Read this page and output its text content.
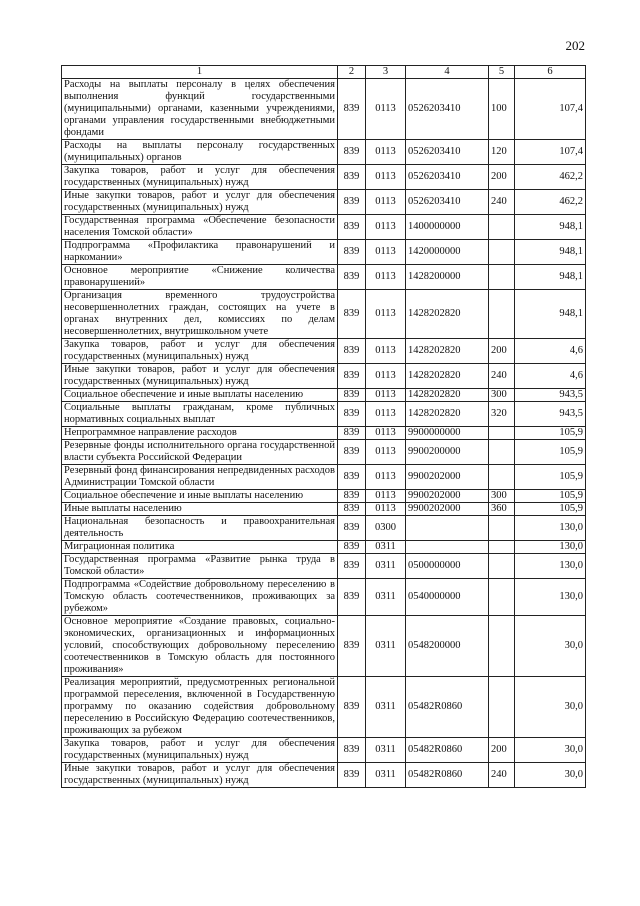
202
1	2	3	4	5	6
Расходы на выплаты персоналу в целях обеспечения выполнения функций государственными (муниципальными) органами, казенными учреждениями, органами управления государственными внебюджетными фондами	839	0113	0526203410	100	107,4
Расходы на выплаты персоналу государственных (муниципальных) органов	839	0113	0526203410	120	107,4
Закупка товаров, работ и услуг для обеспечения государственных (муниципальных) нужд	839	0113	0526203410	200	462,2
Иные закупки товаров, работ и услуг для обеспечения государственных (муниципальных) нужд	839	0113	0526203410	240	462,2
Государственная программа «Обеспечение безопасности населения Томской области»	839	0113	1400000000		948,1
Подпрограмма «Профилактика правонарушений и наркомании»	839	0113	1420000000		948,1
Основное мероприятие «Снижение количества правонарушений»	839	0113	1428200000		948,1
Организация временного трудоустройства несовершеннолетних граждан, состоящих на учете в органах внутренних дел, комиссиях по делам несовершеннолетних, внутришкольном учете	839	0113	1428202820		948,1
Закупка товаров, работ и услуг для обеспечения государственных (муниципальных) нужд	839	0113	1428202820	200	4,6
Иные закупки товаров, работ и услуг для обеспечения государственных (муниципальных) нужд	839	0113	1428202820	240	4,6
Социальное обеспечение и иные выплаты населению	839	0113	1428202820	300	943,5
Социальные выплаты гражданам, кроме публичных нормативных социальных выплат	839	0113	1428202820	320	943,5
Непрограммное направление расходов	839	0113	9900000000		105,9
Резервные фонды исполнительного органа государственной власти субъекта Российской Федерации	839	0113	9900200000		105,9
Резервный фонд финансирования непредвиденных расходов Администрации Томской области	839	0113	9900202000		105,9
Социальное обеспечение и иные выплаты населению	839	0113	9900202000	300	105,9
Иные выплаты населению	839	0113	9900202000	360	105,9
Национальная безопасность и правоохранительная деятельность	839	0300			130,0
Миграционная политика	839	0311			130,0
Государственная программа «Развитие рынка труда в Томской области»	839	0311	0500000000		130,0
Подпрограмма «Содействие добровольному переселению в Томскую область соотечественников, проживающих за рубежом»	839	0311	0540000000		130,0
Основное мероприятие «Создание правовых, социально-экономических, организационных и информационных условий, способствующих добровольному переселению соотечественников в Томскую область для постоянного проживания»	839	0311	0548200000		30,0
Реализация мероприятий, предусмотренных региональной программой переселения, включенной в Государственную программу по оказанию содействия добровольному переселению в Российскую Федерацию соотечественников, проживающих за рубежом	839	0311	05482R0860		30,0
Закупка товаров, работ и услуг для обеспечения государственных (муниципальных) нужд	839	0311	05482R0860	200	30,0
Иные закупки товаров, работ и услуг для обеспечения государственных (муниципальных) нужд	839	0311	05482R0860	240	30,0
